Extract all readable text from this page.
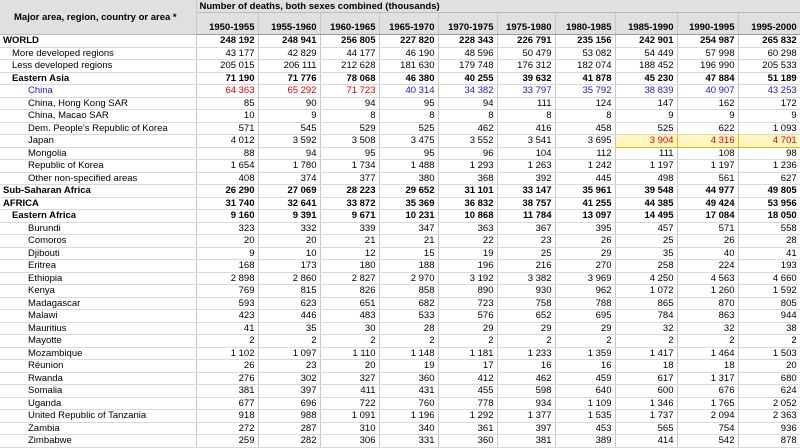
Major area, region, country or area *	Number of deaths, both sexes combined (thousands)									
	1950-1955	1955-1960	1960-1965	1965-1970	1970-1975	1975-1980	1980-1985	1985-1990	1990-1995	1995-2000
WORLD	248 192	248 941	256 805	227 820	228 343	226 791	235 156	242 901	254 987	265 832
More developed regions	43 177	42 829	44 177	46 190	48 596	50 479	53 082	54 449	57 998	60 298
Less developed regions	205 015	206 111	212 628	181 630	179 748	176 312	182 074	188 452	196 990	205 533
Eastern Asia	71 190	71 776	78 068	46 380	40 255	39 632	41 878	45 230	47 884	51 189
China	64 363	65 292	71 723	40 314	34 382	33 797	35 792	38 839	40 907	43 253
China, Hong Kong SAR	85	90	94	95	94	111	124	147	162	172
China, Macao SAR	10	9	8	8	8	8	8	9	9	9
Dem. People's Republic of Korea	571	545	529	525	462	416	458	525	622	1 093
Japan	4 012	3 592	3 508	3 475	3 552	3 541	3 695	3 904	4 316	4 701
Mongolia	88	94	95	95	96	104	112	111	108	98
Republic of Korea	1 654	1 780	1 734	1 488	1 293	1 263	1 242	1 197	1 197	1 236
Other non-specified areas	408	374	377	380	368	392	445	498	561	627
Sub-Saharan Africa	26 290	27 069	28 223	29 652	31 101	33 147	35 961	39 548	44 977	49 805
AFRICA	31 740	32 641	33 872	35 369	36 832	38 757	41 255	44 385	49 424	53 956
Eastern Africa	9 160	9 391	9 671	10 231	10 868	11 784	13 097	14 495	17 084	18 050
Burundi	323	332	339	347	363	367	395	457	571	558
Comoros	20	20	21	21	22	23	26	25	26	28
Djibouti	9	10	12	15	19	25	29	35	40	41
Eritrea	168	173	180	188	196	216	270	258	224	193
Ethiopia	2 898	2 860	2 827	2 970	3 192	3 382	3 969	4 250	4 563	4 660
Kenya	769	815	826	858	890	930	962	1 072	1 260	1 592
Madagascar	593	623	651	682	723	758	788	865	870	805
Malawi	423	446	483	533	576	652	695	784	863	944
Mauritius	41	35	30	28	29	29	29	32	32	38
Mayotte	2	2	2	2	2	2	2	2	2	2
Mozambique	1 102	1 097	1 110	1 148	1 181	1 233	1 359	1 417	1 464	1 503
Réunion	26	23	20	19	17	16	16	18	18	20
Rwanda	276	302	327	360	412	462	459	617	1 317	680
Somalia	381	397	411	431	455	598	640	600	676	624
Uganda	677	696	722	760	778	934	1 109	1 346	1 765	2 052
United Republic of Tanzania	918	988	1 091	1 196	1 292	1 377	1 535	1 737	2 094	2 363
Zambia	272	287	310	340	361	397	453	565	754	936
Zimbabwe	259	282	306	331	360	381	389	414	542	878
